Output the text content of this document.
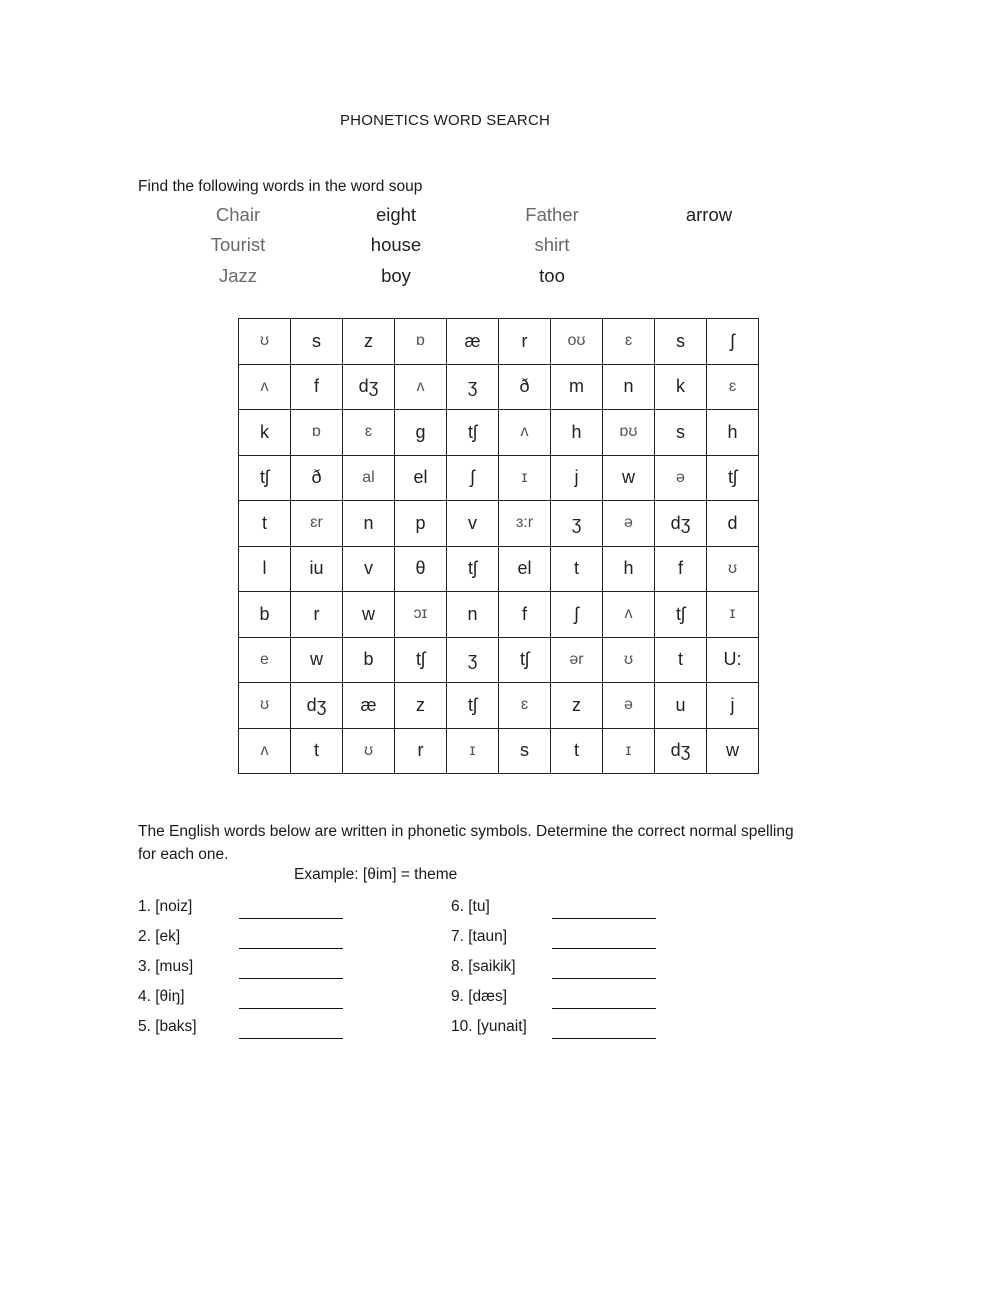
PHONETICS WORD SEARCH
Find the following words in the word soup
Chair	eight	Father	arrow
Tourist	house	shirt
Jazz	boy	too
ʊ	s	z	ɒ	æ	r	oʊ	ɛ	s	ʃ
ʌ	f	dʒ	ʌ	ʒ	ð	m	n	k	ɛ
k	ɒ	ɛ	g	tʃ	ʌ	h	ɒʊ	s	h
tʃ	ð	al	el	ʃ	ɪ	j	w	ə	tʃ
t	ɛr	n	p	v	ɜ:r	ʒ	ə	dʒ	d
l	iu	v	θ	tʃ	el	t	h	f	ʊ
b	r	w	ɔɪ	n	f	ʃ	ʌ	tʃ	ɪ
e	w	b	tʃ	ʒ	tʃ	ər	ʊ	t	U:
ʊ	dʒ	æ	z	tʃ	ɛ	z	ə	u	j
ʌ	t	ʊ	r	ɪ	s	t	ɪ	dʒ	w
The English words below are written in phonetic symbols. Determine the correct normal spelling for each one.
Example: [θim] = theme
1. [noiz]
2. [ek]
3. [mus]
4. [θiŋ]
5. [baks]
6. [tu]
7. [taun]
8. [saikik]
9. [dæs]
10. [yunait]
